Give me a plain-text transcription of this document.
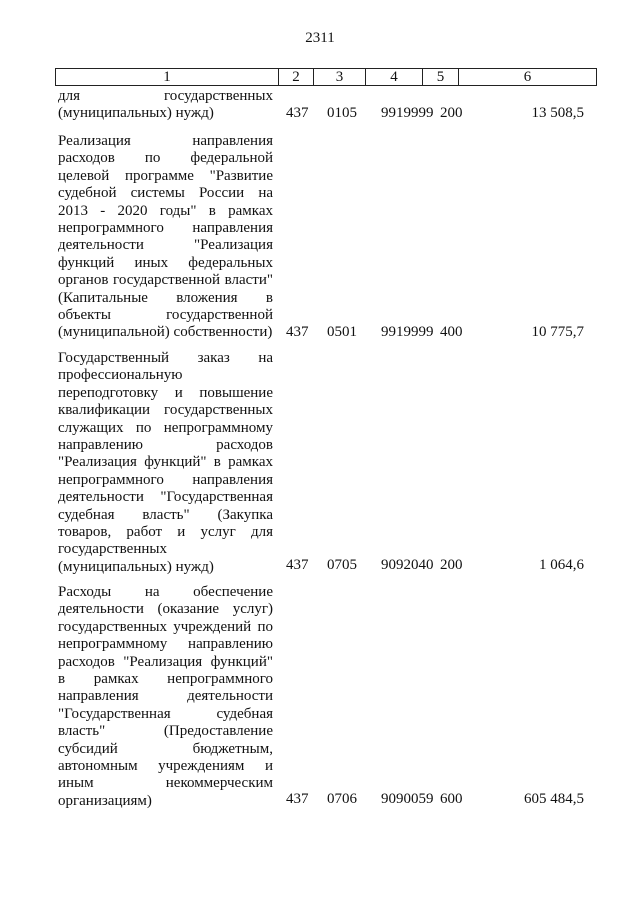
2311
1	2	3	4	5	6
для государственных
(муниципальных) нужд)	437 0105 9919999 200	13 508,5
Реализация направления
расходов по федеральной
целевой программе "Развитие
судебной системы России на
2013 - 2020 годы" в рамках
непрограммного направления
деятельности "Реализация
функций иных федеральных
органов государственной власти"
(Капитальные вложения в
объекты государственной
(муниципальной) собственности) 437 0501 9919999 400	10 775,7
Государственный заказ на
профессиональную
переподготовку и повышение
квалификации государственных
служащих по непрограммному
направлению расходов
"Реализация функций" в рамках
непрограммного направления
деятельности "Государственная
судебная власть" (Закупка
товаров, работ и услуг для
государственных
(муниципальных) нужд)	437 0705 9092040 200	1 064,6
Расходы на обеспечение
деятельности (оказание услуг)
государственных учреждений по
непрограммному направлению
расходов "Реализация функций"
в рамках непрограммного
направления деятельности
"Государственная судебная
власть" (Предоставление
субсидий бюджетным,
автономным учреждениям и
иным некоммерческим
организациям)	437 0706 9090059 600	605 484,5
